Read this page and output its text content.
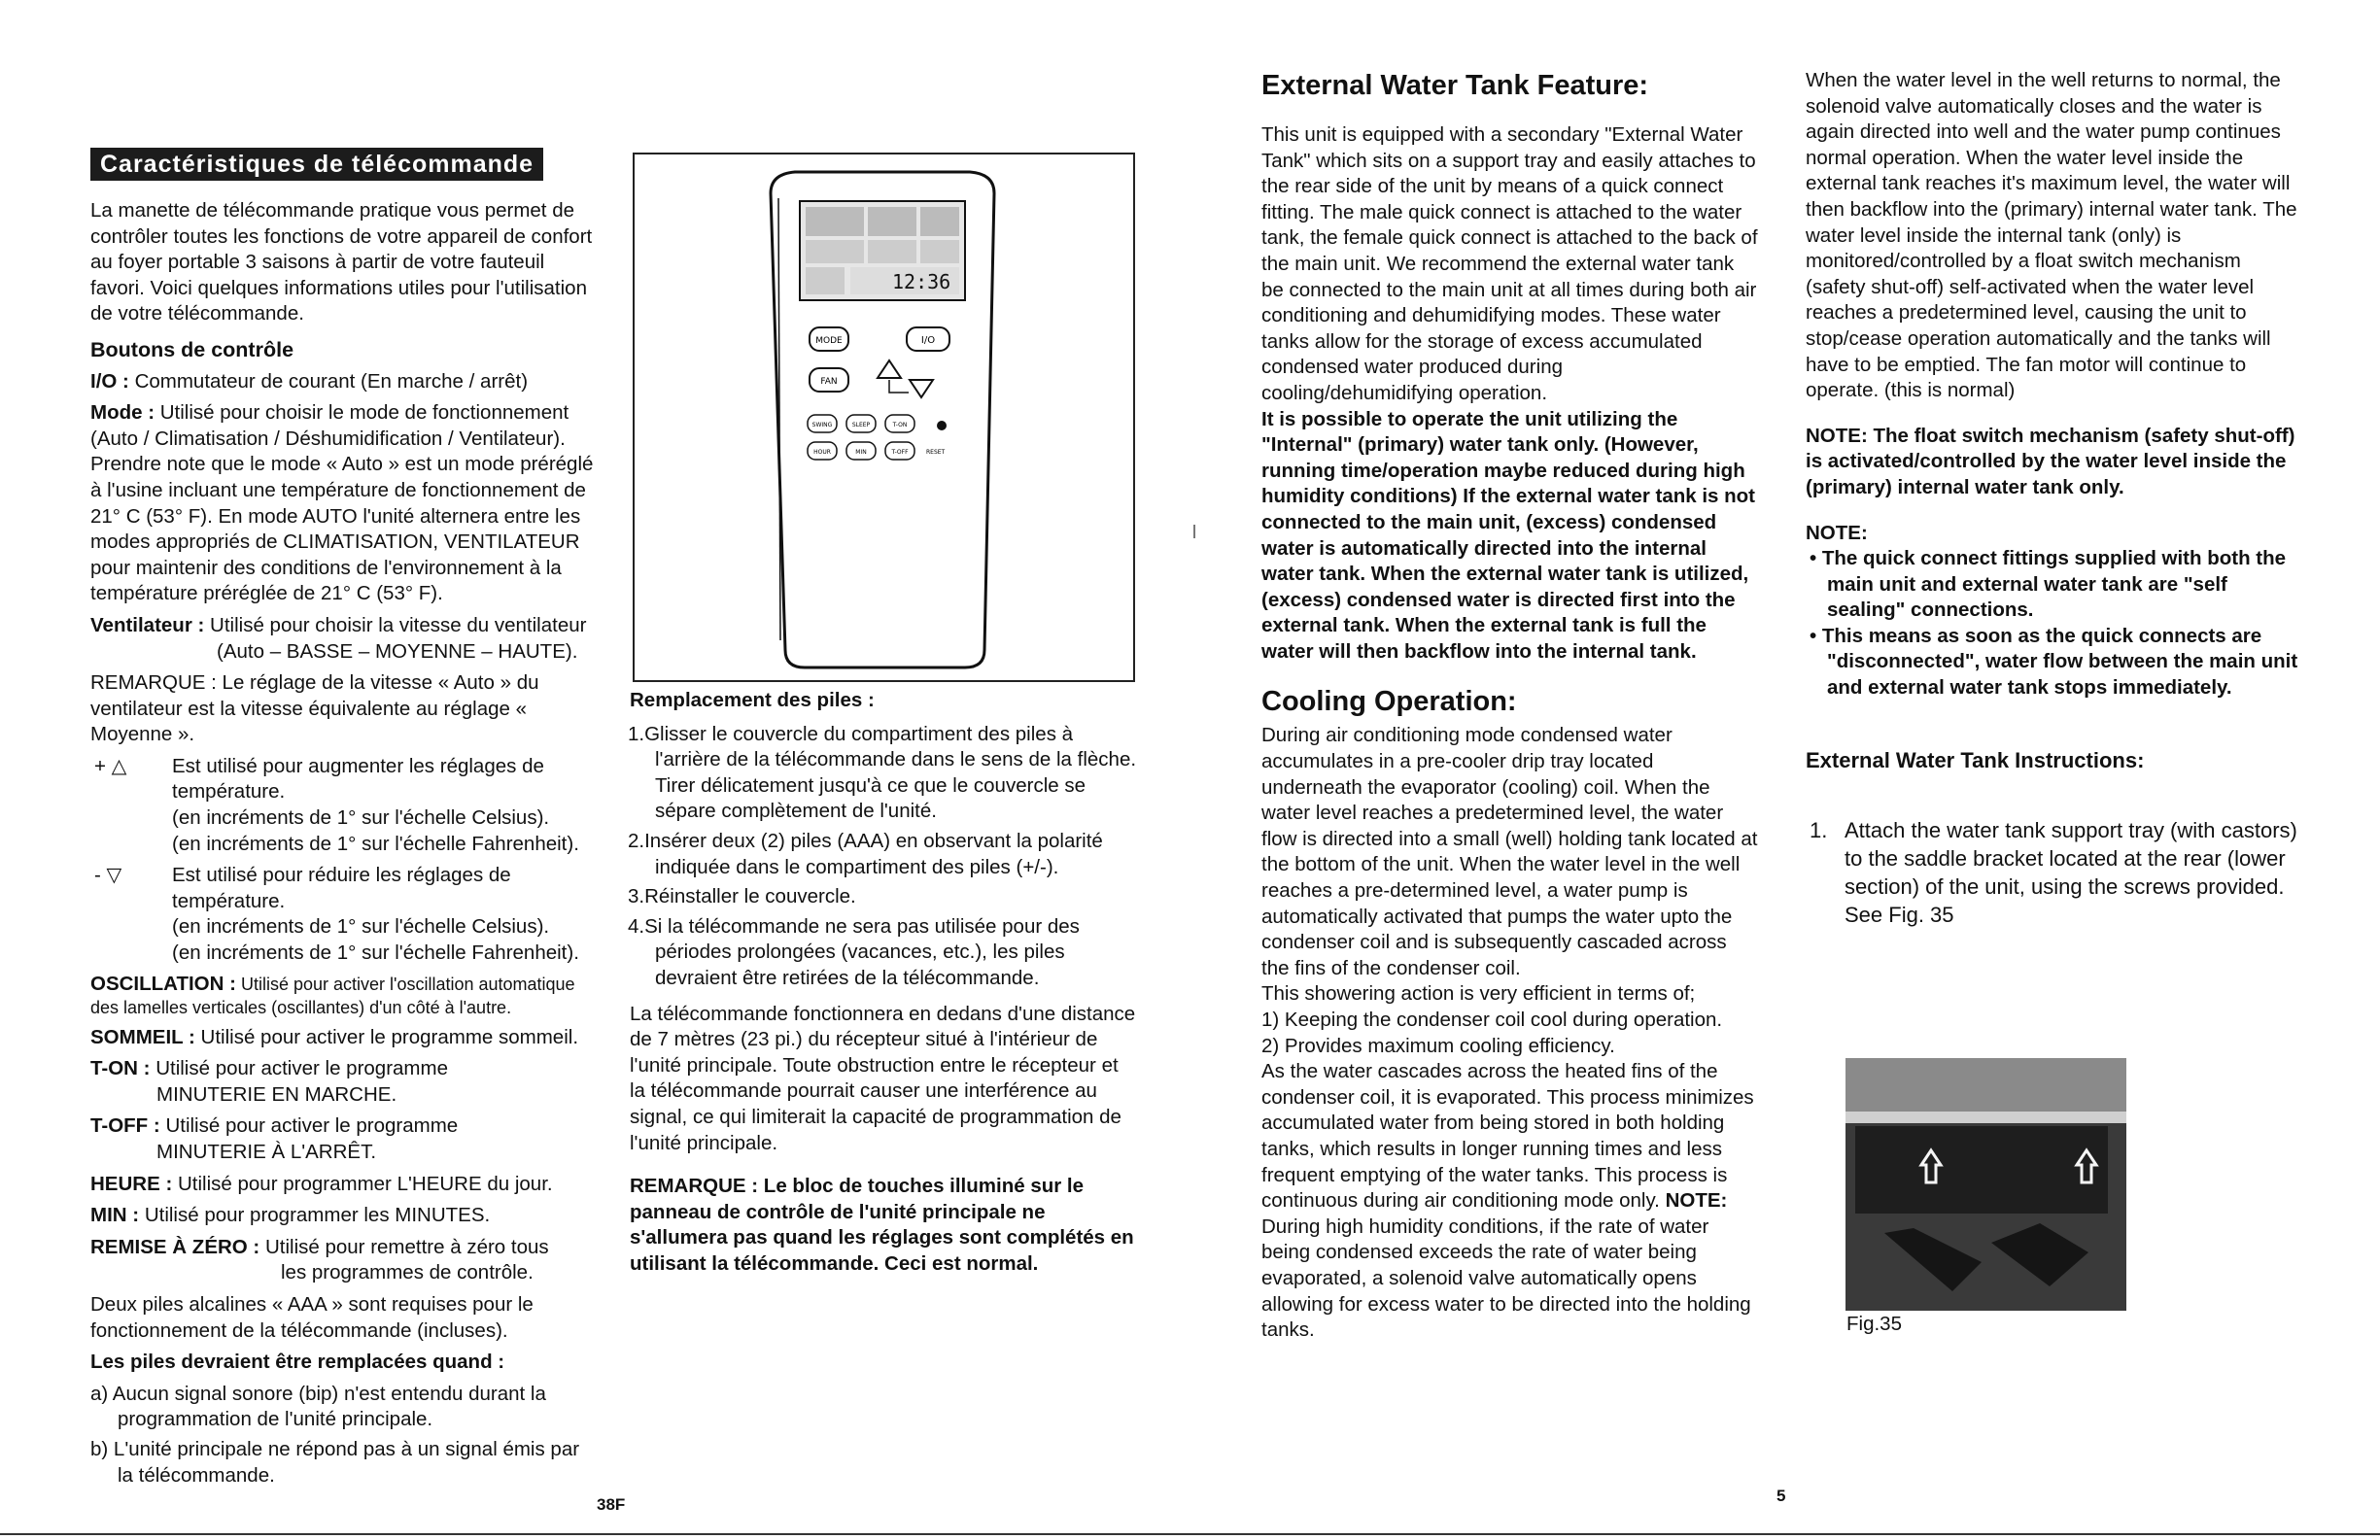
Caractéristiques de télécommande

La manette de télécommande pratique vous permet de contrôler toutes les fonctions de votre appareil de confort au foyer portable 3 saisons à partir de votre fauteuil favori. Voici quelques informations utiles pour l'utilisation de votre télécommande.

Boutons de contrôle

I/O : Commutateur de courant (En marche / arrêt)

Mode : Utilisé pour choisir le mode de fonctionnement (Auto / Climatisation / Déshumidification / Ventilateur). Prendre note que le mode « Auto » est un mode préréglé à l'usine incluant une température de fonctionnement de 21° C (53° F). En mode AUTO l'unité alternera entre les modes appropriés de CLIMATISATION, VENTILATEUR pour maintenir des conditions de l'environnement à la température préréglée de 21° C (53° F).

Ventilateur : Utilisé pour choisir la vitesse du ventilateur
(Auto – BASSE – MOYENNE – HAUTE).

REMARQUE : Le réglage de la vitesse « Auto » du ventilateur est la vitesse équivalente au réglage « Moyenne ».

+ △	Est utilisé pour augmenter les réglages de température.
(en incréments de 1° sur l'échelle Celsius).
(en incréments de 1° sur l'échelle Fahrenheit).
- ▽	Est utilisé pour réduire les réglages de température.
(en incréments de 1° sur l'échelle Celsius).
(en incréments de 1° sur l'échelle Fahrenheit).

OSCILLATION : Utilisé pour activer l'oscillation automatique des lamelles verticales (oscillantes) d'un côté à l'autre.

SOMMEIL : Utilisé pour activer le programme sommeil.

T-ON : Utilisé pour activer le programme
MINUTERIE EN MARCHE.

T-OFF : Utilisé pour activer le programme
MINUTERIE À L'ARRÊT.

HEURE : Utilisé pour programmer L'HEURE du jour.

MIN : Utilisé pour programmer les MINUTES.

REMISE À ZÉRO : Utilisé pour remettre à zéro tous
les programmes de contrôle.

Deux piles alcalines « AAA » sont requises pour le fonctionnement de la télécommande (incluses).

Les piles devraient être remplacées quand :

a) Aucun signal sonore (bip) n'est entendu durant la programmation de l'unité principale.

b) L'unité principale ne répond pas à un signal émis par la télécommande.

12:36
MODE	I/O
FAN
SWING	SLEEP	T-ON
HOUR	MIN	T-OFF	RESET

Remplacement des piles :

1.Glisser le couvercle du compartiment des piles à l'arrière de la télécommande dans le sens de la flèche. Tirer délicatement jusqu'à ce que le couvercle se sépare complètement de l'unité.

2.Insérer deux (2) piles (AAA) en observant la polarité indiquée dans le compartiment des piles (+/-).

3.Réinstaller le couvercle.

4.Si la télécommande ne sera pas utilisée pour des périodes prolongées (vacances, etc.), les piles devraient être retirées de la télécommande.

La télécommande fonctionnera en dedans d'une distance de 7 mètres (23 pi.) du récepteur situé à l'intérieur de l'unité principale. Toute obstruction entre le récepteur et la télécommande pourrait causer une interférence au signal, ce qui limiterait la capacité de programmation de l'unité principale.

REMARQUE : Le bloc de touches illuminé sur le panneau de contrôle de l'unité principale ne s'allumera pas quand les réglages sont complétés en utilisant la télécommande. Ceci est normal.

38F
External Water Tank Feature:

This unit is equipped with a secondary "External Water Tank" which sits on a support tray and easily attaches to the rear side of the unit by means of a quick connect fitting. The male quick connect is attached to the water tank, the female quick connect is attached to the back of the main unit. We recommend the external water tank be connected to the main unit at all times during both air conditioning and dehumidifying modes. These water tanks allow for the storage of excess accumulated condensed water produced during cooling/dehumidifying operation.

It is possible to operate the unit utilizing the "Internal" (primary) water tank only. (However, running time/operation maybe reduced during high humidity conditions) If the external water tank is not connected to the main unit, (excess) condensed water is automatically directed into the internal water tank. When the external water tank is utilized, (excess) condensed water is directed first into the external tank. When the external tank is full the water will then backflow into the internal tank.

Cooling Operation:

During air conditioning mode condensed water accumulates in a pre-cooler drip tray located underneath the evaporator (cooling) coil. When the water level reaches a predetermined level, the water flow is directed into a small (well) holding tank located at the bottom of the unit. When the water level in the well reaches a pre-determined level, a water pump is automatically activated that pumps the water upto the condenser coil and is subsequently cascaded across the fins of the condenser coil.

This showering action is very efficient in terms of;

1) Keeping the condenser coil cool during operation.

2) Provides maximum cooling efficiency.

As the water cascades across the heated fins of the condenser coil, it is evaporated. This process minimizes accumulated water from being stored in both holding tanks, which results in longer running times and less frequent emptying of the water tanks. This process is continuous during air conditioning mode only. NOTE: During high humidity conditions, if the rate of water being condensed exceeds the rate of water being evaporated, a solenoid valve automatically opens allowing for excess water to be directed into the holding tanks.

When the water level in the well returns to normal, the solenoid valve automatically closes and the water is again directed into well and the water pump continues normal operation. When the water level inside the external tank reaches it's maximum level, the water will then backflow into the (primary) internal water tank. The water level inside the internal tank (only) is monitored/controlled by a float switch mechanism (safety shut-off) self-activated when the water level reaches a predetermined level, causing the unit to stop/cease operation automatically and the tanks will have to be emptied. The fan motor will continue to operate. (this is normal)

NOTE: The float switch mechanism (safety shut-off) is activated/controlled by the water level inside the (primary) internal water tank only.

NOTE:

• The quick connect fittings supplied with both the main unit and external water tank are "self sealing" connections.

• This means as soon as the quick connects are "disconnected", water flow between the main unit and external water tank stops immediately.

External Water Tank Instructions:

1. Attach the water tank support tray (with castors) to the saddle bracket located at the rear (lower section) of the unit, using the screws provided. See Fig. 35
Fig.35
5
